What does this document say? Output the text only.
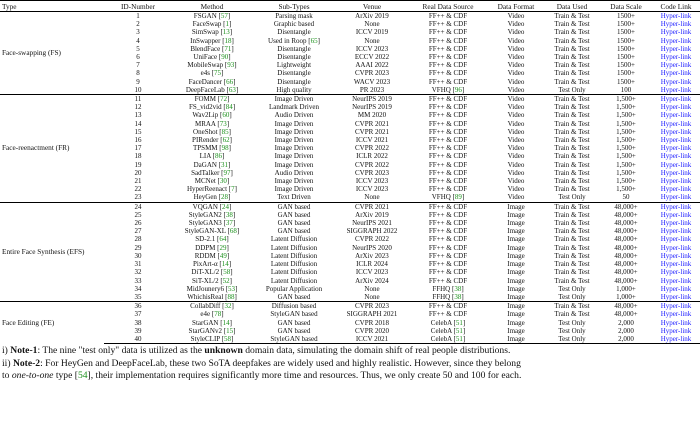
Type	ID-Number	Method	Sub-Types	Venue	Real Data Source	Data Format	Data Used	Data Scale	Code Link
Face-swapping (FS)	1	FSGAN [57]	Parsing mask	ArXiv 2019	FF++ & CDF	Video	Train & Test	1500+	Hyper-link
	2	FaceSwap [1]	Graphic based	None	FF++ & CDF	Video	Train & Test	1500+	Hyper-link
	3	SimSwap [13]	Disentangle	ICCV 2019	FF++ & CDF	Video	Train & Test	1500+	Hyper-link
	4	InSwapper [18]	Used in Roop [65]	None	FF++ & CDF	Video	Train & Test	1500+	Hyper-link
	5	BlendFace [71]	Disentangle	ICCV 2023	FF++ & CDF	Video	Train & Test	1500+	Hyper-link
	6	UniFace [90]	Disentangle	ECCV 2022	FF++ & CDF	Video	Train & Test	1500+	Hyper-link
	7	MobileSwap [93]	Lightweight	AAAI 2022	FF++ & CDF	Video	Train & Test	1500+	Hyper-link
	8	e4s [75]	Disentangle	CVPR 2023	FF++ & CDF	Video	Train & Test	1500+	Hyper-link
	9	FaceDancer [66]	Disentangle	WACV 2023	FF++ & CDF	Video	Train & Test	1500+	Hyper-link
	10	DeepFaceLab [63]	High quality	PR 2023	VFHQ [96]	Video	Test Only	100	Hyper-link
Face-reenactment (FR)	11	FOMM [72]	Image Driven	NeurIPS 2019	FF++ & CDF	Video	Train & Test	1,500+	Hyper-link
	12	FS_vid2vid [84]	Landmark Driven	NeurIPS 2019	FF++ & CDF	Video	Train & Test	1,500+	Hyper-link
	13	Wav2Lip [60]	Audio Driven	MM 2020	FF++ & CDF	Video	Train & Test	1,500+	Hyper-link
	14	MRAA [73]	Image Driven	CVPR 2021	FF++ & CDF	Video	Train & Test	1,500+	Hyper-link
	15	OneShot [85]	Image Driven	CVPR 2021	FF++ & CDF	Video	Train & Test	1,500+	Hyper-link
	16	PIRender [62]	Image Driven	ICCV 2021	FF++ & CDF	Video	Train & Test	1,500+	Hyper-link
	17	TPSMM [98]	Image Driven	CVPR 2022	FF++ & CDF	Video	Train & Test	1,500+	Hyper-link
	18	LIA [86]	Image Driven	ICLR 2022	FF++ & CDF	Video	Train & Test	1,500+	Hyper-link
	19	DaGAN [31]	Image Driven	CVPR 2022	FF++ & CDF	Video	Train & Test	1,500+	Hyper-link
	20	SadTalker [97]	Audio Driven	CVPR 2023	FF++ & CDF	Video	Train & Test	1,500+	Hyper-link
	21	MCNet [30]	Image Driven	ICCV 2023	FF++ & CDF	Video	Train & Test	1,500+	Hyper-link
	22	HyperReenact [7]	Image Driven	ICCV 2023	FF++ & CDF	Video	Train & Test	1,500+	Hyper-link
	23	HeyGen [28]	Text Driven	None	VFHQ [89]	Video	Test Only	50	Hyper-link
Entire Face Synthesis (EFS)	24	VQGAN [24]	GAN based	CVPR 2021	FF++ & CDF	Image	Train & Test	48,000+	Hyper-link
	25	StyleGAN2 [38]	GAN based	ArXiv 2019	FF++ & CDF	Image	Train & Test	48,000+	Hyper-link
	26	StyleGAN3 [37]	GAN based	NeurIPS 2021	FF++ & CDF	Image	Train & Test	48,000+	Hyper-link
	27	StyleGAN-XL [68]	GAN based	SIGGRAPH 2022	FF++ & CDF	Image	Train & Test	48,000+	Hyper-link
	28	SD-2.1 [64]	Latent Diffusion	CVPR 2022	FF++ & CDF	Image	Train & Test	48,000+	Hyper-link
	29	DDPM [29]	Latent Diffusion	NeurIPS 2020	FF++ & CDF	Image	Train & Test	48,000+	Hyper-link
	30	RDDM [49]	Latent Diffusion	ArXiv 2023	FF++ & CDF	Image	Train & Test	48,000+	Hyper-link
	31	PixArt-α [14]	Latent Diffusion	ICLR 2024	FF++ & CDF	Image	Train & Test	48,000+	Hyper-link
	32	DiT-XL/2 [58]	Latent Diffusion	ICCV 2023	FF++ & CDF	Image	Train & Test	48,000+	Hyper-link
	33	SiT-XL/2 [52]	Latent Diffusion	ArXiv 2024	FF++ & CDF	Image	Train & Test	48,000+	Hyper-link
	34	MidJounery6 [53]	Popular Application	None	FFHQ [38]	Image	Test Only	1,000+	Hyper-link
	35	WhichisReal [88]	GAN based	None	FFHQ [38]	Image	Test Only	1,000+	Hyper-link
Face Editing (FE)	36	CollabDiff [32]	Diffusion based	CVPR 2023	FF++ & CDF	Image	Train & Test	48,000+	Hyper-link
	37	e4e [78]	StyleGAN based	SIGGRAPH 2021	FF++ & CDF	Image	Train & Test	48,000+	Hyper-link
	38	StarGAN [14]	GAN based	CVPR 2018	CelebA [51]	Image	Test Only	2,000	Hyper-link
	39	StarGANv2 [15]	GAN based	CVPR 2020	CelebA [51]	Image	Test Only	2,000	Hyper-link
	40	StyleCLIP [58]	StyleGAN based	ICCV 2021	CelebA [51]	Image	Test Only	2,000	Hyper-link
i) Note-1: The nine "test only" data is utilized as the unknown domain data, simulating the domain shift of real people distributions.
ii) Note-2: For HeyGen and DeepFaceLab, these two SoTA deepfakes are widely used and highly realistic. However, since they belong
to one-to-one type [54], their implementation requires significantly more time and resources. Thus, we only create 50 and 100 for each.
